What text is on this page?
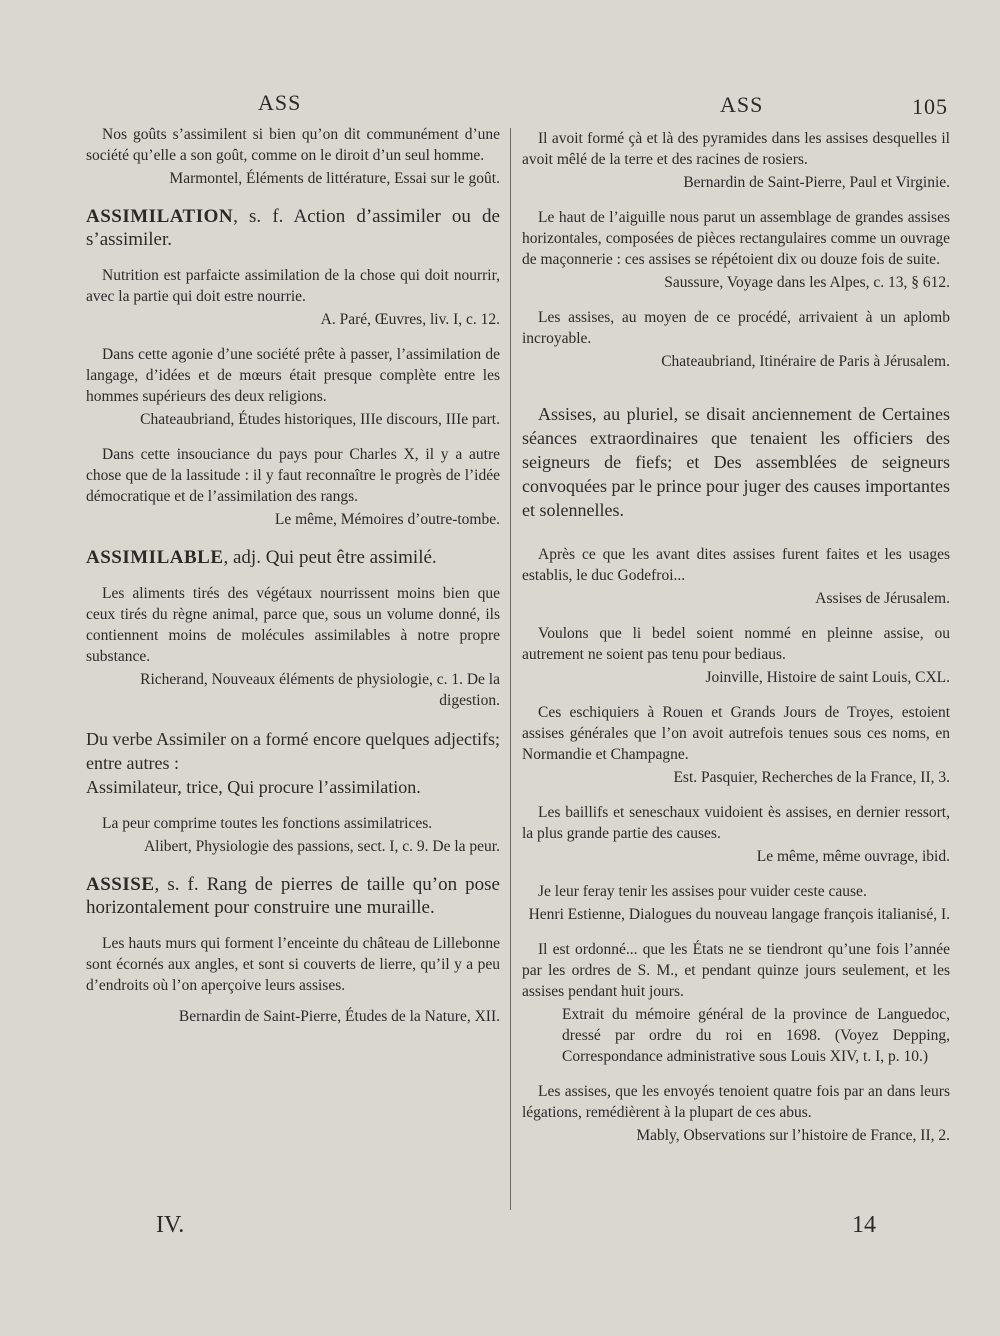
ASS	ASS	105

Nos goûts s’assimilent si bien qu’on dit communément d’une société qu’elle a son goût, comme on le diroit d’un seul homme.

Marmontel, Éléments de littérature, Essai sur le goût.

ASSIMILATION, s. f. Action d’assimiler ou de s’assimiler.

Nutrition est parfaicte assimilation de la chose qui doit nourrir, avec la partie qui doit estre nourrie.

A. Paré, Œuvres, liv. I, c. 12.

Dans cette agonie d’une société prête à passer, l’assimilation de langage, d’idées et de mœurs était presque complète entre les hommes supérieurs des deux religions.

Chateaubriand, Études historiques, IIIe discours, IIIe part.

Dans cette insouciance du pays pour Charles X, il y a autre chose que de la lassitude : il y faut reconnaître le progrès de l’idée démocratique et de l’assimilation des rangs.

Le même, Mémoires d’outre-tombe.

ASSIMILABLE, adj. Qui peut être assimilé.

Les aliments tirés des végétaux nourrissent moins bien que ceux tirés du règne animal, parce que, sous un volume donné, ils contiennent moins de molécules assimilables à notre propre substance.

Richerand, Nouveaux éléments de physiologie, c. 1. De la digestion.

Du verbe Assimiler on a formé encore quelques adjectifs; entre autres :

Assimilateur, trice, Qui procure l’assimilation.

La peur comprime toutes les fonctions assimilatrices.

Alibert, Physiologie des passions, sect. I, c. 9. De la peur.

ASSISE, s. f. Rang de pierres de taille qu’on pose horizontalement pour construire une muraille.

Les hauts murs qui forment l’enceinte du château de Lillebonne sont écornés aux angles, et sont si couverts de lierre, qu’il y a peu d’endroits où l’on aperçoive leurs assises.

Bernardin de Saint-Pierre, Études de la Nature, XII.

Il avoit formé çà et là des pyramides dans les assises desquelles il avoit mêlé de la terre et des racines de rosiers.

Bernardin de Saint-Pierre, Paul et Virginie.

Le haut de l’aiguille nous parut un assemblage de grandes assises horizontales, composées de pièces rectangulaires comme un ouvrage de maçonnerie : ces assises se répétoient dix ou douze fois de suite.

Saussure, Voyage dans les Alpes, c. 13, § 612.

Les assises, au moyen de ce procédé, arrivaient à un aplomb incroyable.

Chateaubriand, Itinéraire de Paris à Jérusalem.

Assises, au pluriel, se disait anciennement de Certaines séances extraordinaires que tenaient les officiers des seigneurs de fiefs; et Des assemblées de seigneurs convoquées par le prince pour juger des causes importantes et solennelles.

Après ce que les avant dites assises furent faites et les usages establis, le duc Godefroi...

Assises de Jérusalem.

Voulons que li bedel soient nommé en pleinne assise, ou autrement ne soient pas tenu pour bediaus.

Joinville, Histoire de saint Louis, CXL.

Ces eschiquiers à Rouen et Grands Jours de Troyes, estoient assises générales que l’on avoit autrefois tenues sous ces noms, en Normandie et Champagne.

Est. Pasquier, Recherches de la France, II, 3.

Les baillifs et seneschaux vuidoient ès assises, en dernier ressort, la plus grande partie des causes.

Le même, même ouvrage, ibid.

Je leur feray tenir les assises pour vuider ceste cause.

Henri Estienne, Dialogues du nouveau langage françois italianisé, I.

Il est ordonné... que les États ne se tiendront qu’une fois l’année par les ordres de S. M., et pendant quinze jours seulement, et les assises pendant huit jours.

Extrait du mémoire général de la province de Languedoc, dressé par ordre du roi en 1698. (Voyez Depping, Correspondance administrative sous Louis XIV, t. I, p. 10.)

Les assises, que les envoyés tenoient quatre fois par an dans leurs légations, remédièrent à la plupart de ces abus.

Mably, Observations sur l’histoire de France, II, 2.

IV.	14
